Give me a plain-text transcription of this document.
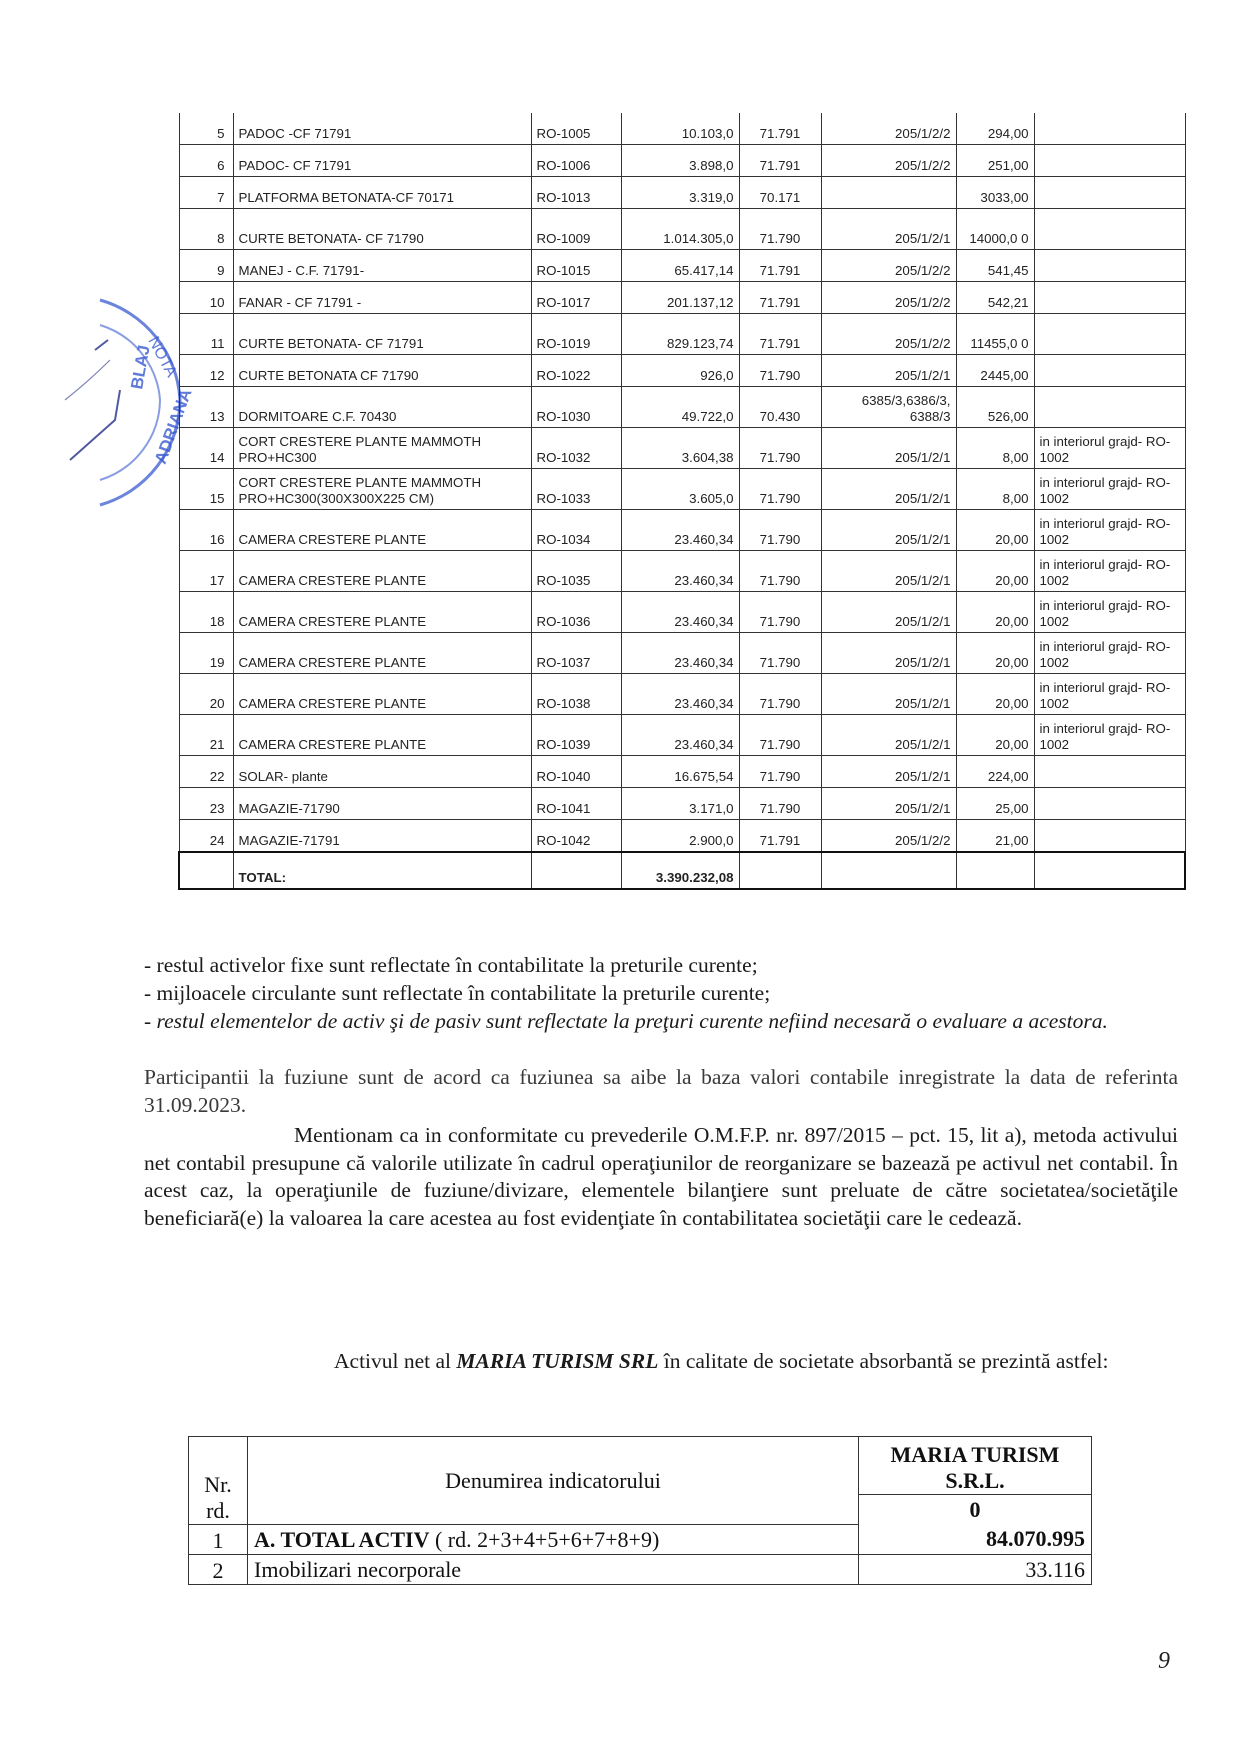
NOTA
BLAJ
ADRIANA
5	PADOC -CF 71791	RO-1005	10.103,0	71.791	205/1/2/2	294,00	
6	PADOC- CF 71791	RO-1006	3.898,0	71.791	205/1/2/2	251,00	
7	PLATFORMA BETONATA-CF 70171	RO-1013	3.319,0	70.171		3033,00	
8	CURTE BETONATA- CF 71790	RO-1009	1.014.305,0	71.790	205/1/2/1	14000,0 0	
9	MANEJ - C.F. 71791-	RO-1015	65.417,14	71.791	205/1/2/2	541,45	
10	FANAR - CF 71791 -	RO-1017	201.137,12	71.791	205/1/2/2	542,21	
11	CURTE BETONATA- CF 71791	RO-1019	829.123,74	71.791	205/1/2/2	11455,0 0	
12	CURTE BETONATA CF 71790	RO-1022	926,0	71.790	205/1/2/1	2445,00	
13	DORMITOARE C.F. 70430	RO-1030	49.722,0	70.430	6385/3,6386/3, 6388/3	526,00	
14	CORT CRESTERE PLANTE MAMMOTH PRO+HC300	RO-1032	3.604,38	71.790	205/1/2/1	8,00	in interiorul grajd- RO-1002
15	CORT CRESTERE PLANTE MAMMOTH PRO+HC300(300X300X225 CM)	RO-1033	3.605,0	71.790	205/1/2/1	8,00	in interiorul grajd- RO-1002
16	CAMERA CRESTERE PLANTE	RO-1034	23.460,34	71.790	205/1/2/1	20,00	in interiorul grajd- RO-1002
17	CAMERA CRESTERE PLANTE	RO-1035	23.460,34	71.790	205/1/2/1	20,00	in interiorul grajd- RO-1002
18	CAMERA CRESTERE PLANTE	RO-1036	23.460,34	71.790	205/1/2/1	20,00	in interiorul grajd- RO-1002
19	CAMERA CRESTERE PLANTE	RO-1037	23.460,34	71.790	205/1/2/1	20,00	in interiorul grajd- RO-1002
20	CAMERA CRESTERE PLANTE	RO-1038	23.460,34	71.790	205/1/2/1	20,00	in interiorul grajd- RO-1002
21	CAMERA CRESTERE PLANTE	RO-1039	23.460,34	71.790	205/1/2/1	20,00	in interiorul grajd- RO-1002
22	SOLAR- plante	RO-1040	16.675,54	71.790	205/1/2/1	224,00	
23	MAGAZIE-71790	RO-1041	3.171,0	71.790	205/1/2/1	25,00	
24	MAGAZIE-71791	RO-1042	2.900,0	71.791	205/1/2/2	21,00	
	TOTAL:		3.390.232,08				
- restul activelor fixe sunt reflectate în contabilitate la preturile curente;
- mijloacele circulante sunt reflectate în contabilitate la preturile curente;
- restul elementelor de activ şi de pasiv sunt reflectate la preţuri curente nefiind necesară o evaluare a acestora.
Participantii la fuziune sunt de acord ca fuziunea sa aibe la baza valori contabile inregistrate la data de referinta 31.09.2023.
Mentionam ca in conformitate cu prevederile O.M.F.P. nr. 897/2015 – pct. 15, lit a), metoda activului net contabil presupune că valorile utilizate în cadrul operaţiunilor de reorganizare se bazează pe activul net contabil. În acest caz, la operaţiunile de fuziune/divizare, elementele bilanţiere sunt preluate de către societatea/societăţile beneficiară(e) la valoarea la care acestea au fost evidenţiate în contabilitatea societăţii care le cedează.
Activul net al MARIA TURISM SRL în calitate de societate absorbantă se prezintă astfel:
Nr. rd.	Denumirea indicatorului	MARIA TURISM S.R.L.
		0
1	A. TOTAL ACTIV ( rd. 2+3+4+5+6+7+8+9)	84.070.995
2	Imobilizari necorporale	33.116
9
